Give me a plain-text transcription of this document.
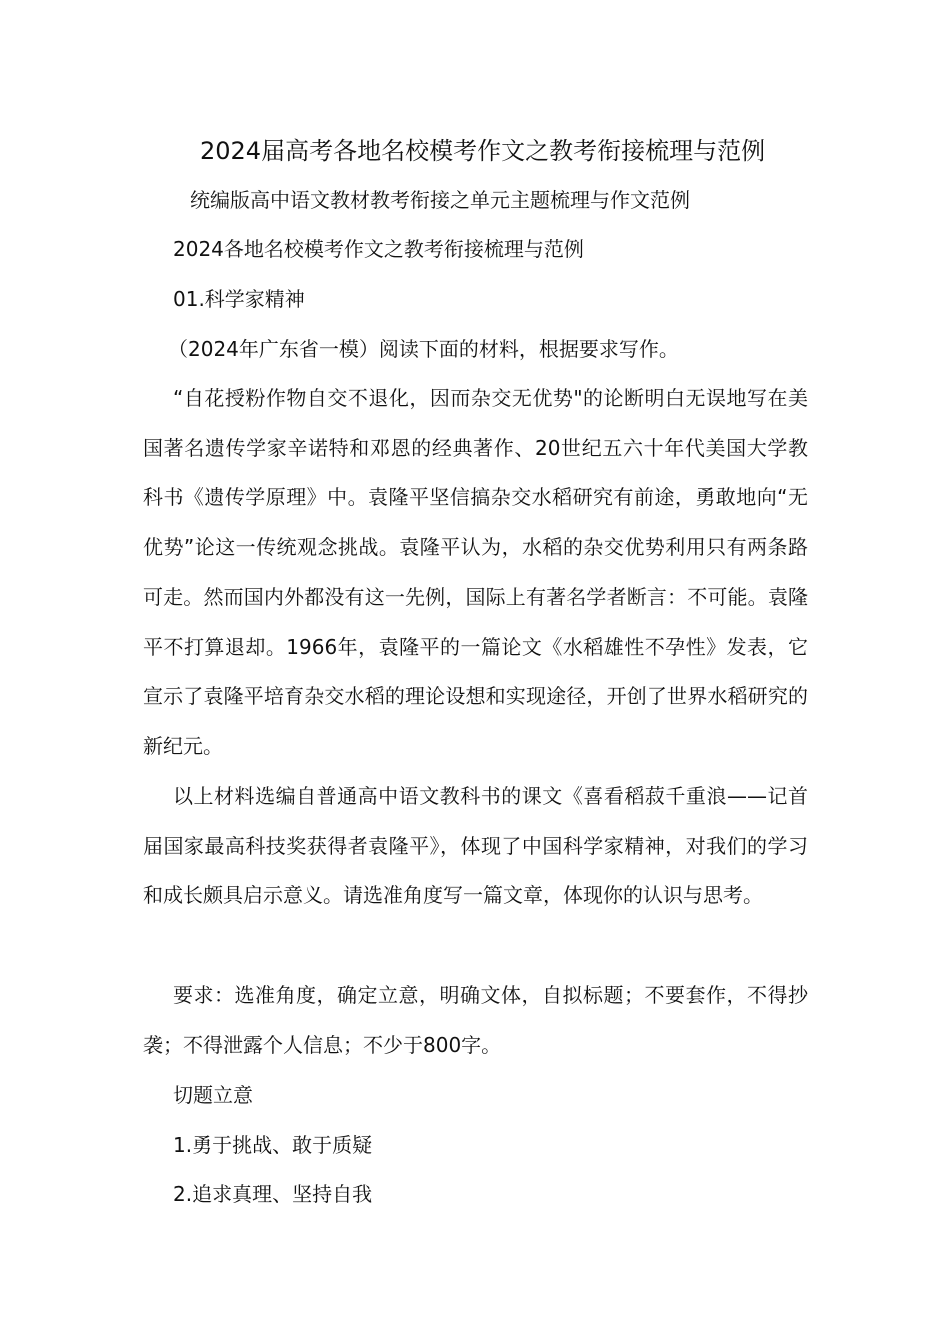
2024届高考各地名校模考作文之教考衔接梳理与范例

统编版高中语文教材教考衔接之单元主题梳理与作文范例

2024各地名校模考作文之教考衔接梳理与范例

01.科学家精神

（2024年广东省一模）阅读下面的材料，根据要求写作。

“自花授粉作物自交不退化，因而杂交无优势"的论断明白无误地写在美国著名遗传学家辛诺特和邓恩的经典著作、20世纪五六十年代美国大学教科书《遗传学原理》中。袁隆平坚信搞杂交水稻研究有前途，勇敢地向“无优势”论这一传统观念挑战。袁隆平认为，水稻的杂交优势利用只有两条路可走。然而国内外都没有这一先例，国际上有著名学者断言：不可能。袁隆平不打算退却。1966年，袁隆平的一篇论文《水稻雄性不孕性》发表，它宣示了袁隆平培育杂交水稻的理论设想和实现途径，开创了世界水稻研究的新纪元。

以上材料选编自普通高中语文教科书的课文《喜看稻菽千重浪——记首届国家最高科技奖获得者袁隆平》，体现了中国科学家精神，对我们的学习和成长颇具启示意义。请选准角度写一篇文章，体现你的认识与思考。

要求：选准角度，确定立意，明确文体，自拟标题；不要套作，不得抄袭；不得泄露个人信息；不少于800字。

切题立意

1.勇于挑战、敢于质疑

2.追求真理、坚持自我
